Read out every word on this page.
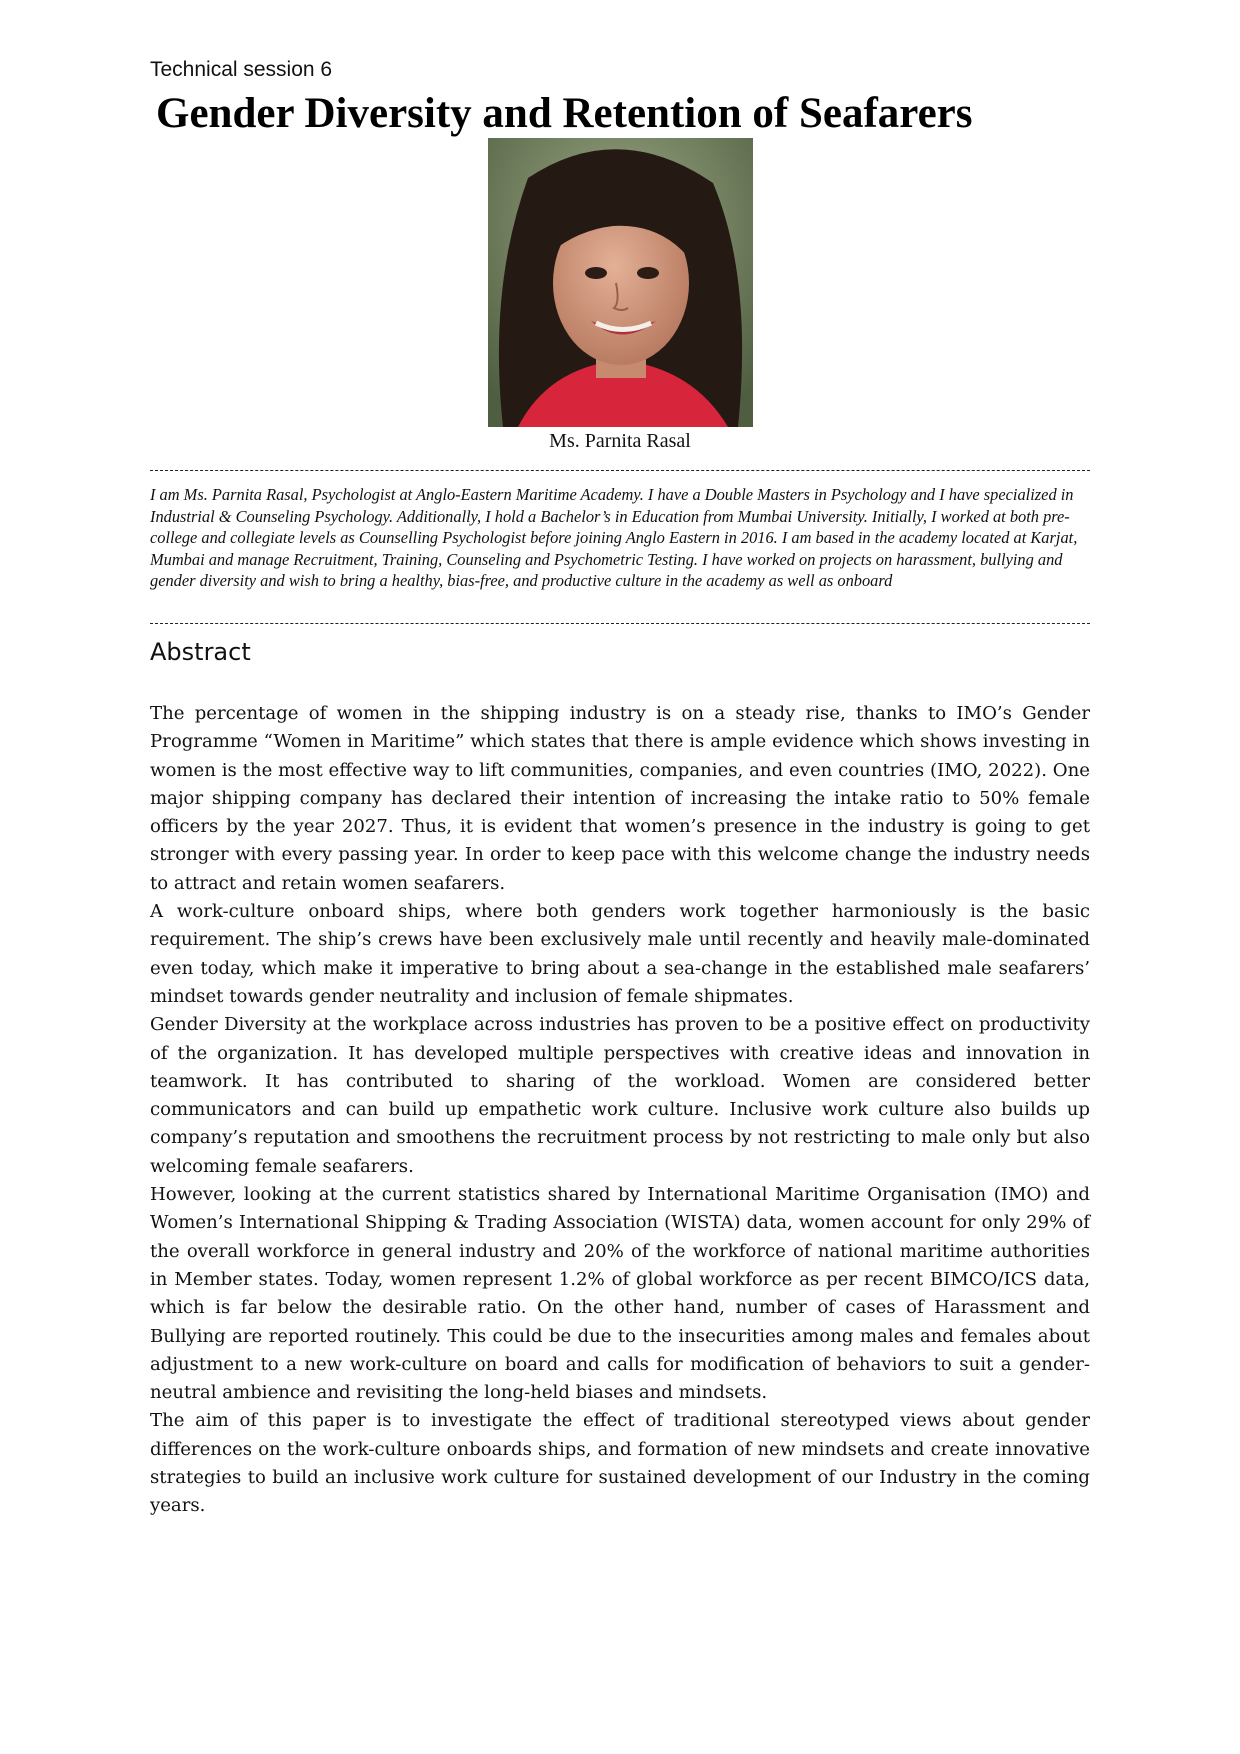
Technical session 6
Gender Diversity and Retention of Seafarers
Ms. Parnita Rasal

I am Ms. Parnita Rasal, Psychologist at Anglo-Eastern Maritime Academy. I have a Double Masters in Psychology and I have specialized in Industrial & Counseling Psychology. Additionally, I hold a Bachelor’s in Education from Mumbai University. Initially, I worked at both pre-college and collegiate levels as Counselling Psychologist before joining Anglo Eastern in 2016. I am based in the academy located at Karjat, Mumbai and manage Recruitment, Training, Counseling and Psychometric Testing. I have worked on projects on harassment, bullying and gender diversity and wish to bring a healthy, bias-free, and productive culture in the academy as well as onboard

Abstract

The percentage of women in the shipping industry is on a steady rise, thanks to IMO’s Gender Programme “Women in Maritime” which states that there is ample evidence which shows investing in women is the most effective way to lift communities, companies, and even countries (IMO, 2022). One major shipping company has declared their intention of increasing the intake ratio to 50% female officers by the year 2027. Thus, it is evident that women’s presence in the industry is going to get stronger with every passing year. In order to keep pace with this welcome change the industry needs to attract and retain women seafarers.

A work-culture onboard ships, where both genders work together harmoniously is the basic requirement. The ship’s crews have been exclusively male until recently and heavily male-dominated even today, which make it imperative to bring about a sea-change in the established male seafarers’ mindset towards gender neutrality and inclusion of female shipmates.

Gender Diversity at the workplace across industries has proven to be a positive effect on productivity of the organization. It has developed multiple perspectives with creative ideas and innovation in teamwork. It has contributed to sharing of the workload. Women are considered better communicators and can build up empathetic work culture. Inclusive work culture also builds up company’s reputation and smoothens the recruitment process by not restricting to male only but also welcoming female seafarers.

However, looking at the current statistics shared by International Maritime Organisation (IMO) and Women’s International Shipping & Trading Association (WISTA) data, women account for only 29% of the overall workforce in general industry and 20% of the workforce of national maritime authorities in Member states. Today, women represent 1.2% of global workforce as per recent BIMCO/ICS data, which is far below the desirable ratio. On the other hand, number of cases of Harassment and Bullying are reported routinely. This could be due to the insecurities among males and females about adjustment to a new work-culture on board and calls for modification of behaviors to suit a gender-neutral ambience and revisiting the long-held biases and mindsets.

The aim of this paper is to investigate the effect of traditional stereotyped views about gender differences on the work-culture onboards ships, and formation of new mindsets and create innovative strategies to build an inclusive work culture for sustained development of our Industry in the coming years.
